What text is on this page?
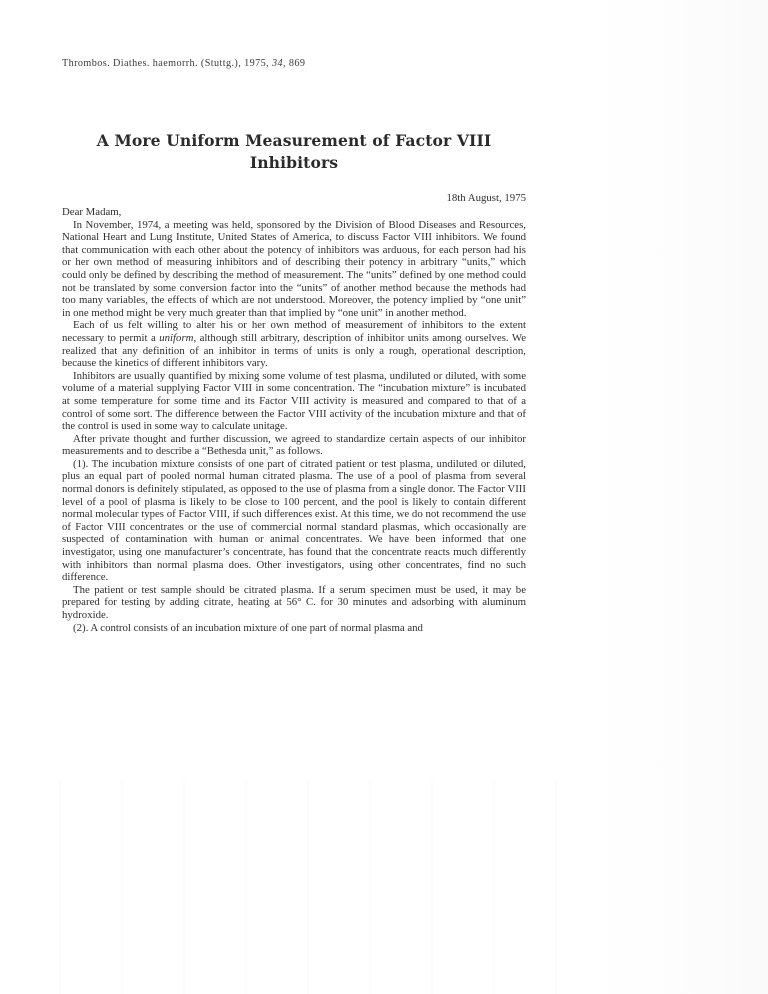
Thrombos. Diathes. haemorrh. (Stuttg.), 1975, 34, 869

A More Uniform Measurement of Factor VIII
Inhibitors
18th August, 1975
Dear Madam,

In November, 1974, a meeting was held, sponsored by the Division of Blood Diseases and Resources, National Heart and Lung Institute, United States of America, to discuss Factor VIII inhibitors. We found that communication with each other about the potency of inhibitors was arduous, for each person had his or her own method of measuring inhibitors and of describing their potency in arbitrary “units,” which could only be defined by describing the method of measurement. The “units” defined by one method could not be translated by some conversion factor into the “units” of another method because the methods had too many variables, the effects of which are not understood. Moreover, the potency implied by “one unit” in one method might be very much greater than that implied by “one unit” in another method.

Each of us felt willing to alter his or her own method of measurement of inhibitors to the extent necessary to permit a uniform, although still arbitrary, description of inhibitor units among ourselves. We realized that any definition of an inhibitor in terms of units is only a rough, operational description, because the kinetics of different inhibitors vary.

Inhibitors are usually quantified by mixing some volume of test plasma, undiluted or diluted, with some volume of a material supplying Factor VIII in some concentration. The “incubation mixture” is incubated at some temperature for some time and its Factor VIII activity is measured and compared to that of a control of some sort. The difference between the Factor VIII activity of the incubation mixture and that of the control is used in some way to calculate unitage.

After private thought and further discussion, we agreed to standardize certain aspects of our inhibitor measurements and to describe a “Bethesda unit,” as follows.

(1). The incubation mixture consists of one part of citrated patient or test plasma, undiluted or diluted, plus an equal part of pooled normal human citrated plasma. The use of a pool of plasma from several normal donors is definitely stipulated, as opposed to the use of plasma from a single donor. The Factor VIII level of a pool of plasma is likely to be close to 100 percent, and the pool is likely to contain different normal molecular types of Factor VIII, if such differences exist. At this time, we do not recommend the use of Factor VIII concentrates or the use of commercial normal standard plasmas, which occasionally are suspected of contamination with human or animal concentrates. We have been informed that one investigator, using one manufacturer’s concentrate, has found that the concentrate reacts much differently with inhibitors than normal plasma does. Other investigators, using other concentrates, find no such difference.

The patient or test sample should be citrated plasma. If a serum specimen must be used, it may be prepared for testing by adding citrate, heating at 56° C. for 30 minutes and adsorbing with aluminum hydroxide.

(2). A control consists of an incubation mixture of one part of normal plasma and
